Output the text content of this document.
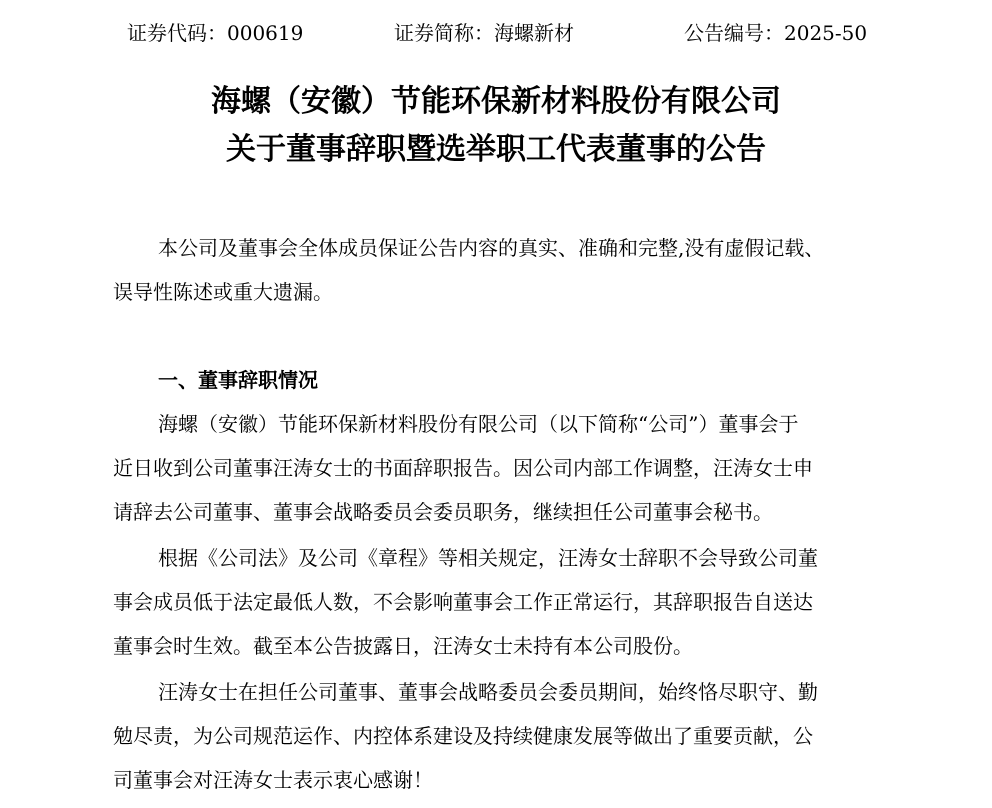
证券代码：000619	证券简称：海螺新材	公告编号：2025-50
海螺（安徽）节能环保新材料股份有限公司
关于董事辞职暨选举职工代表董事的公告
本公司及董事会全体成员保证公告内容的真实、准确和完整,没有虚假记载、
误导性陈述或重大遗漏。
一、董事辞职情况
海螺（安徽）节能环保新材料股份有限公司（以下简称“公司”）董事会于
近日收到公司董事汪涛女士的书面辞职报告。因公司内部工作调整，汪涛女士申
请辞去公司董事、董事会战略委员会委员职务，继续担任公司董事会秘书。
根据《公司法》及公司《章程》等相关规定，汪涛女士辞职不会导致公司董
事会成员低于法定最低人数，不会影响董事会工作正常运行，其辞职报告自送达
董事会时生效。截至本公告披露日，汪涛女士未持有本公司股份。
汪涛女士在担任公司董事、董事会战略委员会委员期间，始终恪尽职守、勤
勉尽责，为公司规范运作、内控体系建设及持续健康发展等做出了重要贡献，公
司董事会对汪涛女士表示衷心感谢！
